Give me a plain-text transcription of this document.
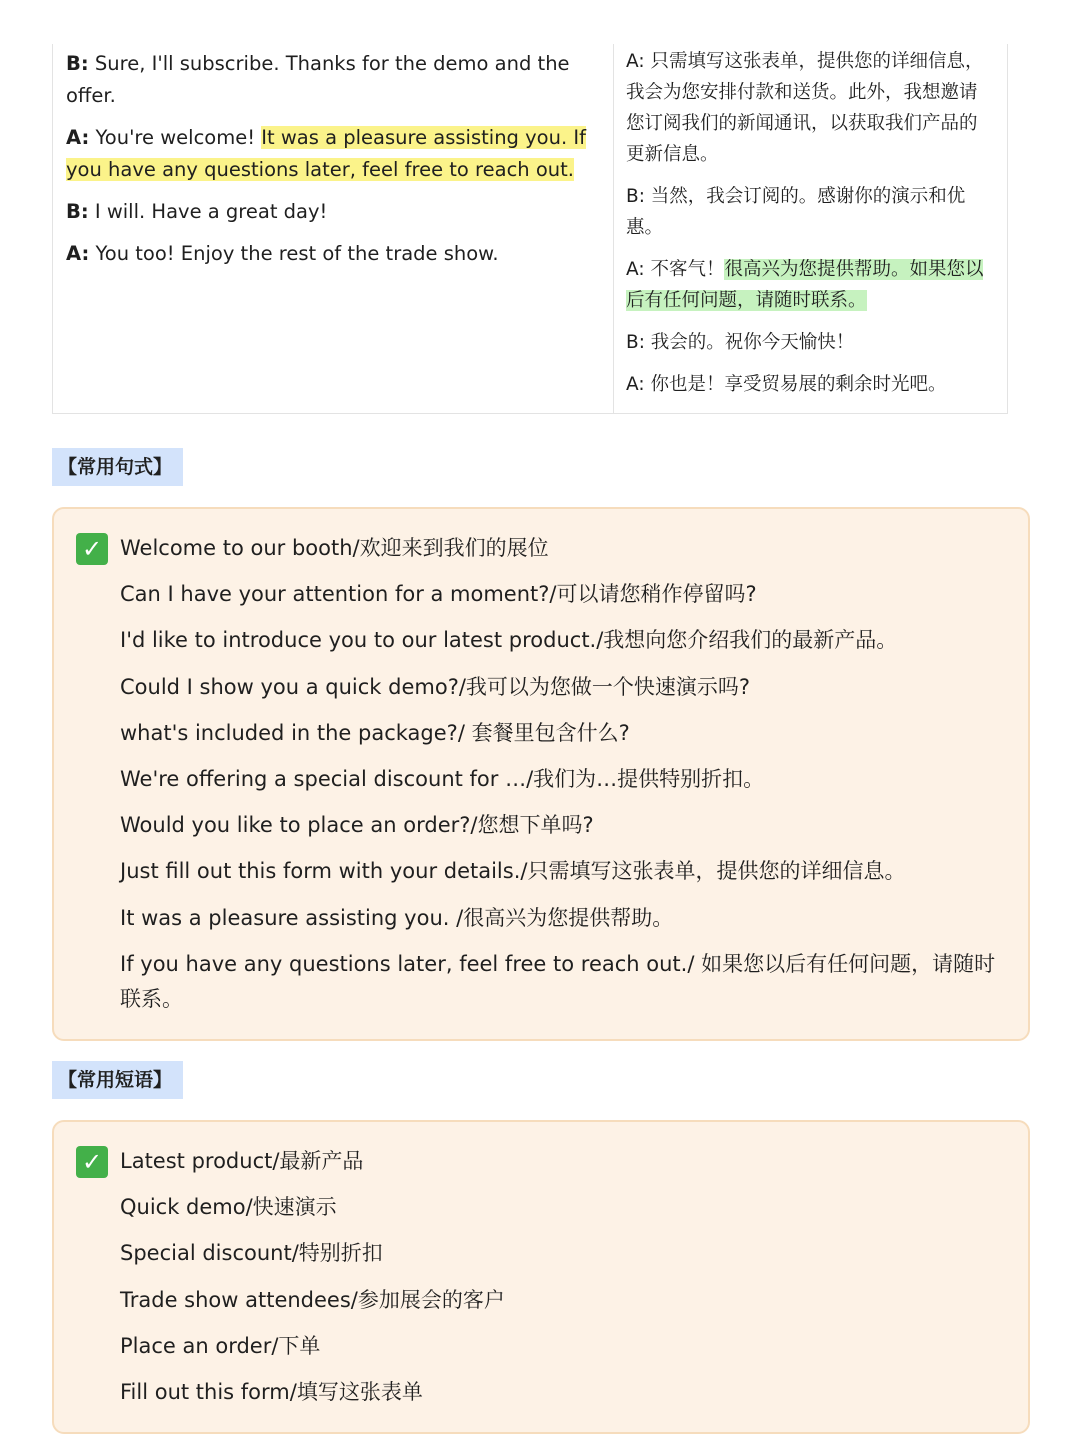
B: Sure, I'll subscribe. Thanks for the demo and the offer.

A: You're welcome! It was a pleasure assisting you. If you have any questions later, feel free to reach out.

B: I will. Have a great day!

A: You too! Enjoy the rest of the trade show.

A: 只需填写这张表单，提供您的详细信息，我会为您安排付款和送货。此外，我想邀请您订阅我们的新闻通讯，以获取我们产品的更新信息。

B: 当然，我会订阅的。感谢你的演示和优惠。

A: 不客气！很高兴为您提供帮助。如果您以后有任何问题，请随时联系。

B: 我会的。祝你今天愉快！

A: 你也是！享受贸易展的剩余时光吧。

【常用句式】
✓ Welcome to our booth/欢迎来到我们的展位
Can I have your attention for a moment?/可以请您稍作停留吗?
I'd like to introduce you to our latest product./我想向您介绍我们的最新产品。
Could I show you a quick demo?/我可以为您做一个快速演示吗?
what's included in the package?/ 套餐里包含什么?
We're offering a special discount for …/我们为…提供特别折扣。
Would you like to place an order?/您想下单吗?
Just fill out this form with your details./只需填写这张表单，提供您的详细信息。
It was a pleasure assisting you. /很高兴为您提供帮助。
If you have any questions later, feel free to reach out./ 如果您以后有任何问题，请随时联系。
【常用短语】
✓ Latest product/最新产品
Quick demo/快速演示
Special discount/特别折扣
Trade show attendees/参加展会的客户
Place an order/下单
Fill out this form/填写这张表单
